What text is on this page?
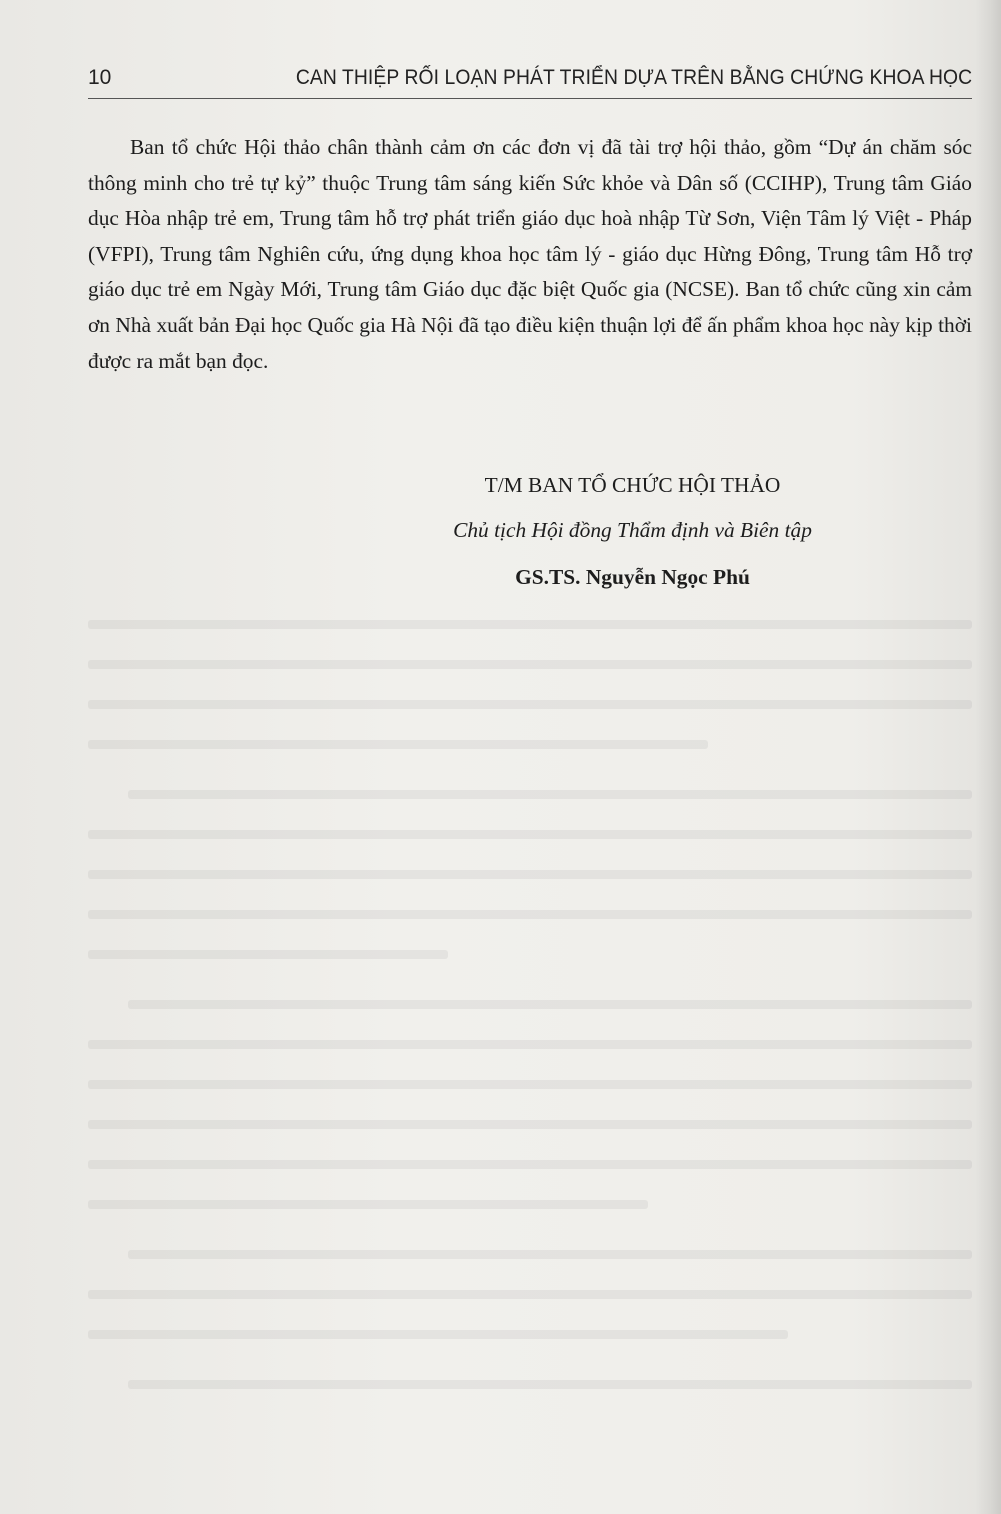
10	CAN THIỆP RỐI LOẠN PHÁT TRIỂN DỰA TRÊN BẰNG CHỨNG KHOA HỌC

Ban tổ chức Hội thảo chân thành cảm ơn các đơn vị đã tài trợ hội thảo, gồm “Dự án chăm sóc thông minh cho trẻ tự kỷ” thuộc Trung tâm sáng kiến Sức khỏe và Dân số (CCIHP), Trung tâm Giáo dục Hòa nhập trẻ em, Trung tâm hỗ trợ phát triển giáo dục hoà nhập Từ Sơn, Viện Tâm lý Việt - Pháp (VFPI), Trung tâm Nghiên cứu, ứng dụng khoa học tâm lý - giáo dục Hừng Đông, Trung tâm Hỗ trợ giáo dục trẻ em Ngày Mới, Trung tâm Giáo dục đặc biệt Quốc gia (NCSE). Ban tổ chức cũng xin cảm ơn Nhà xuất bản Đại học Quốc gia Hà Nội đã tạo điều kiện thuận lợi để ấn phẩm khoa học này kịp thời được ra mắt bạn đọc.

T/M BAN TỔ CHỨC HỘI THẢO
Chủ tịch Hội đồng Thẩm định và Biên tập
GS.TS. Nguyễn Ngọc Phú
